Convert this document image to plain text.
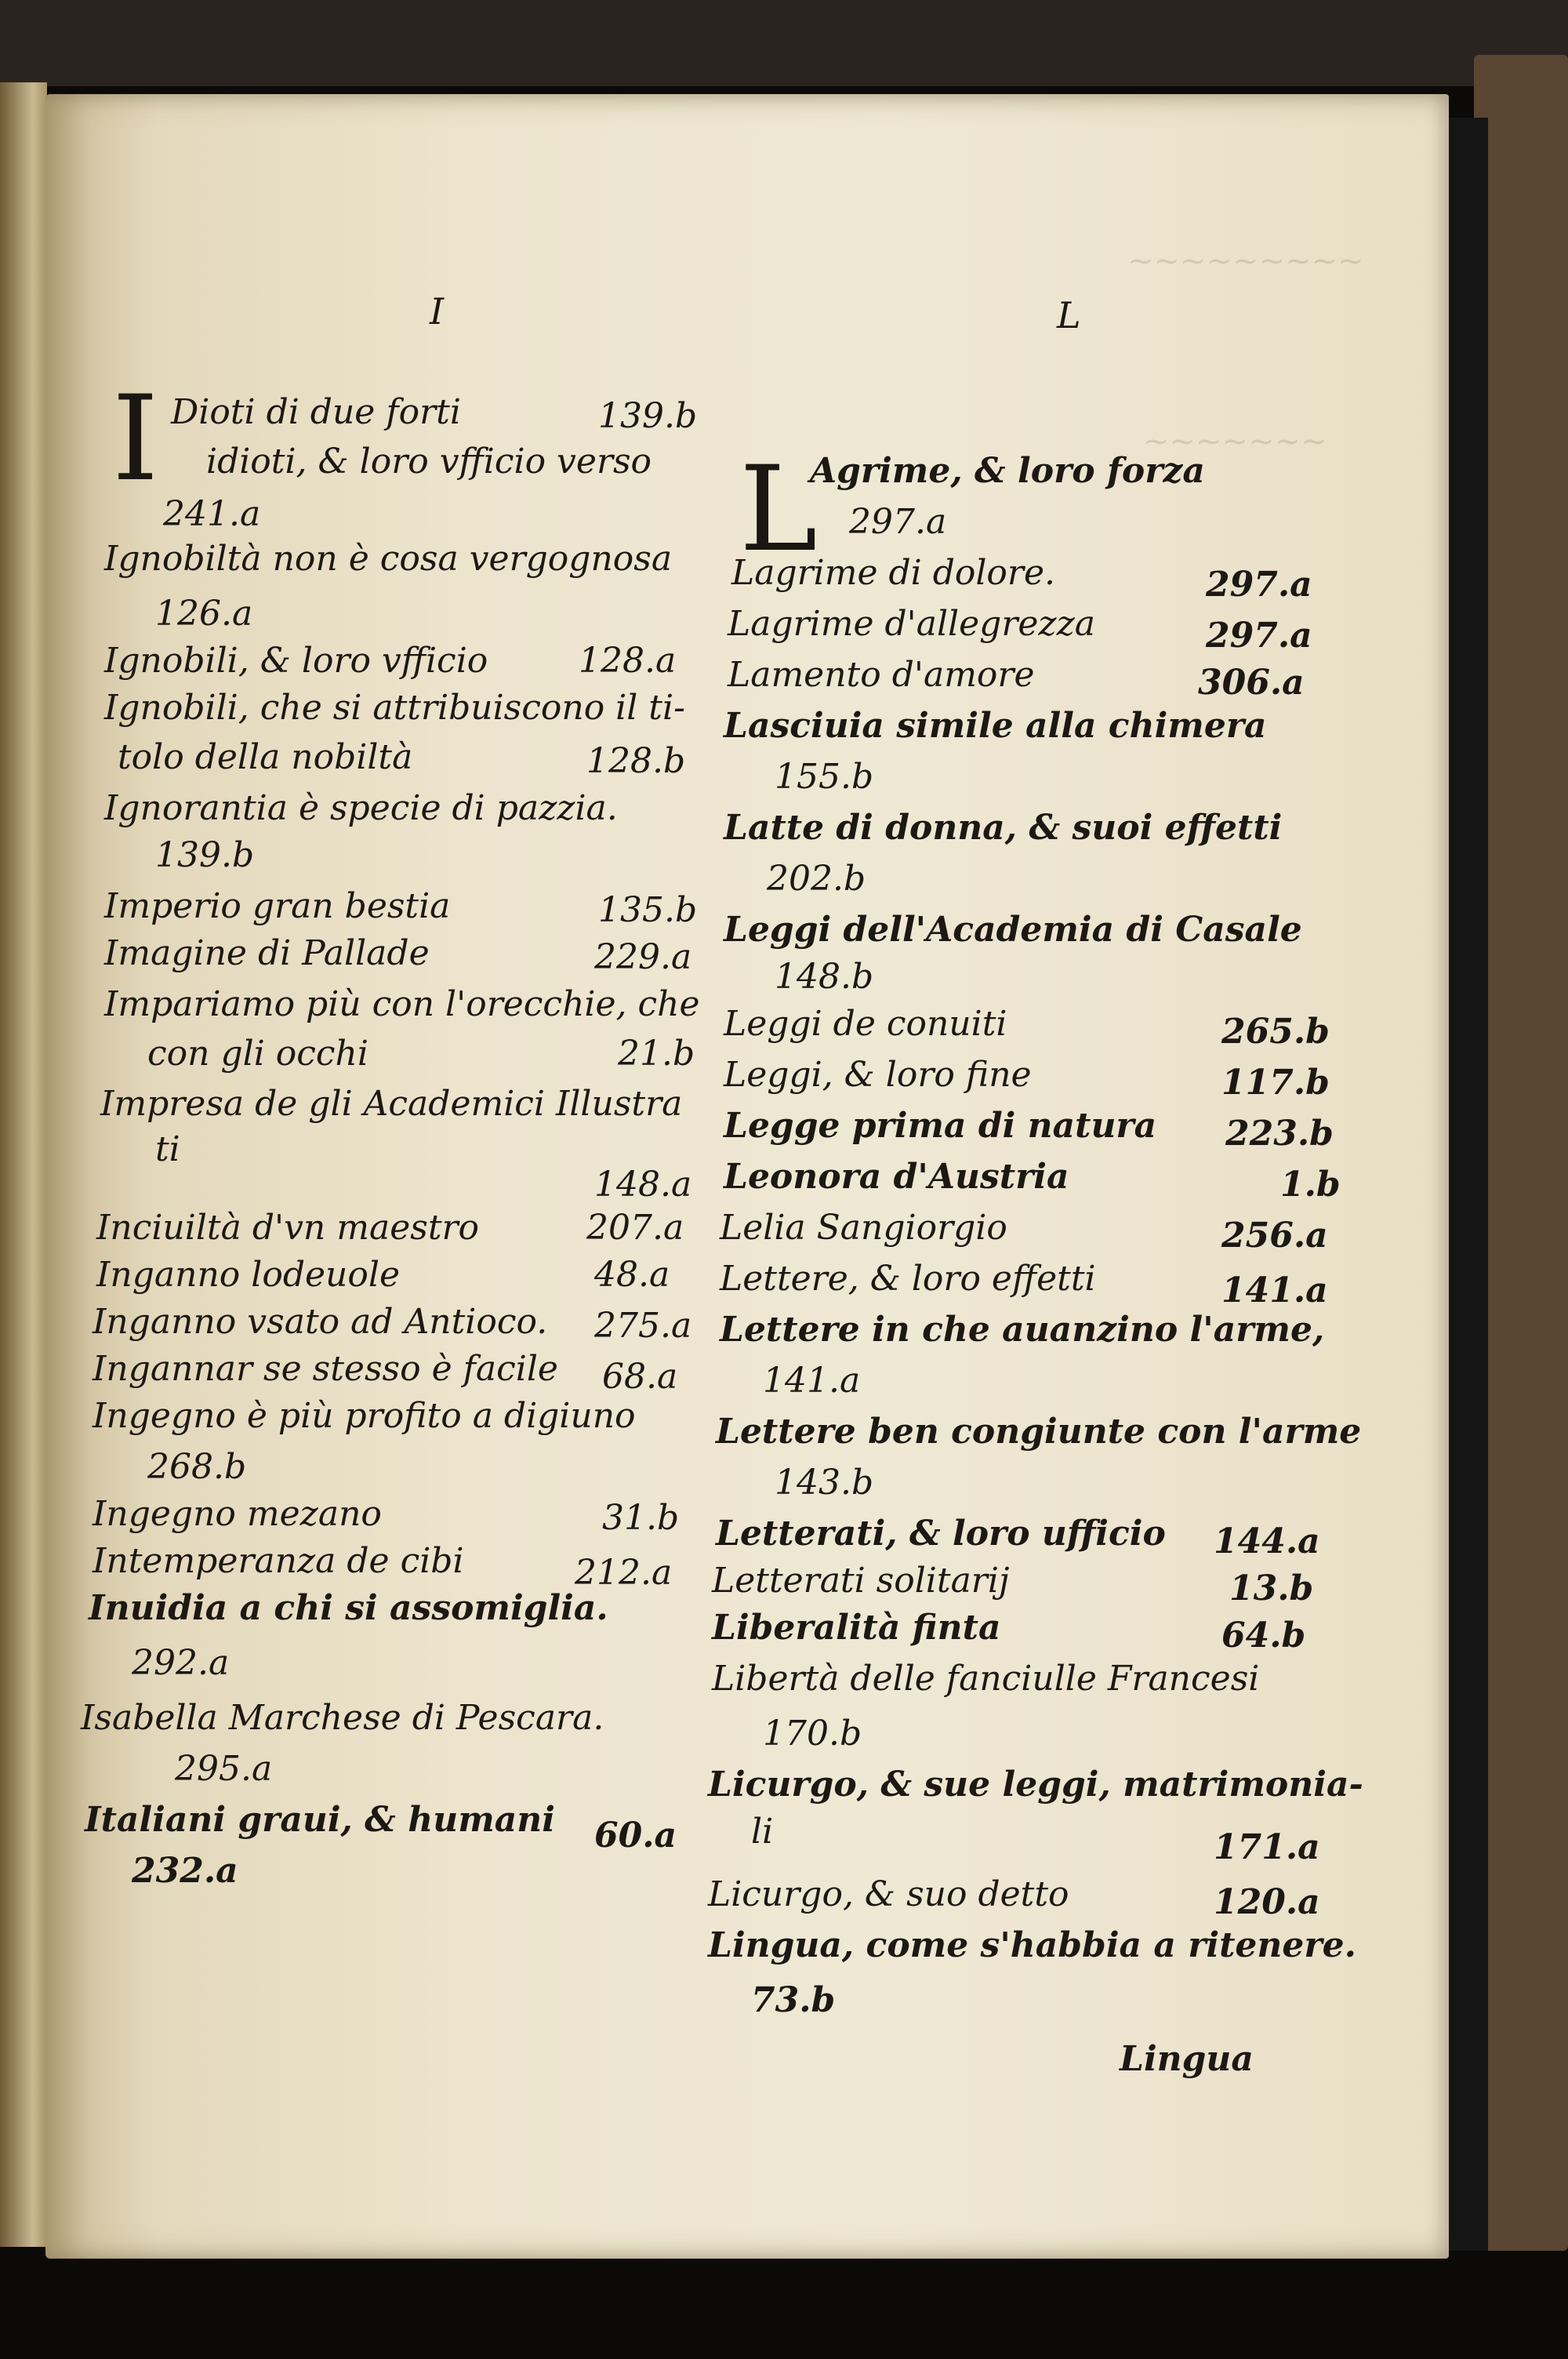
~~~~~~~~~
~~~~~~~
I	L
I Dioti di due forti	139.b
idioti, & loro vfficio verso
241.a
Ignobiltà non è cosa vergognosa
126.a
Ignobili, & loro vfficio	128.a
Ignobili, che si attribuiscono il ti-
tolo della nobiltà	128.b
Ignorantia è specie di pazzia.
139.b
Imperio gran bestia	135.b
Imagine di Pallade	229.a
Impariamo più con l'orecchie, che
con gli occhi	21.b
Impresa de gli Academici Illustra
ti
148.a
Inciuiltà d'vn maestro	207.a
Inganno lodeuole	48.a
Inganno vsato ad Antioco. 275.a
Ingannar se stesso è facile 68.a
Ingegno è più profito a digiuno
268.b
Ingegno mezano	31.b
Intemperanza de cibi	212.a
Inuidia a chi si assomiglia.
292.a
Isabella Marchese di Pescara.
295.a
Italiani graui, & humani 60.a
232.a
L
Agrime, & loro forza
297.a
Lagrime di dolore.	297.a
Lagrime d'allegrezza	297.a
Lamento d'amore	306.a
Lasciuia simile alla chimera
155.b
Latte di donna, & suoi effetti
202.b
Leggi dell'Academia di Casale
148.b
Leggi de conuiti	265.b
Leggi, & loro fine	117.b
Legge prima di natura 223.b
Leonora d'Austria	1.b
Lelia Sangiorgio	256.a
Lettere, & loro effetti	141.a
Lettere in che auanzino l'arme,
141.a
Lettere ben congiunte con l'arme
143.b
Letterati, & loro ufficio 144.a
Letterati solitarij	13.b
Liberalità finta	64.b
Libertà delle fanciulle Francesi
170.b
Licurgo, & sue leggi, matrimonia-
li	171.a
Licurgo, & suo detto	120.a
Lingua, come s'habbia a ritenere.
73.b
Lingua
